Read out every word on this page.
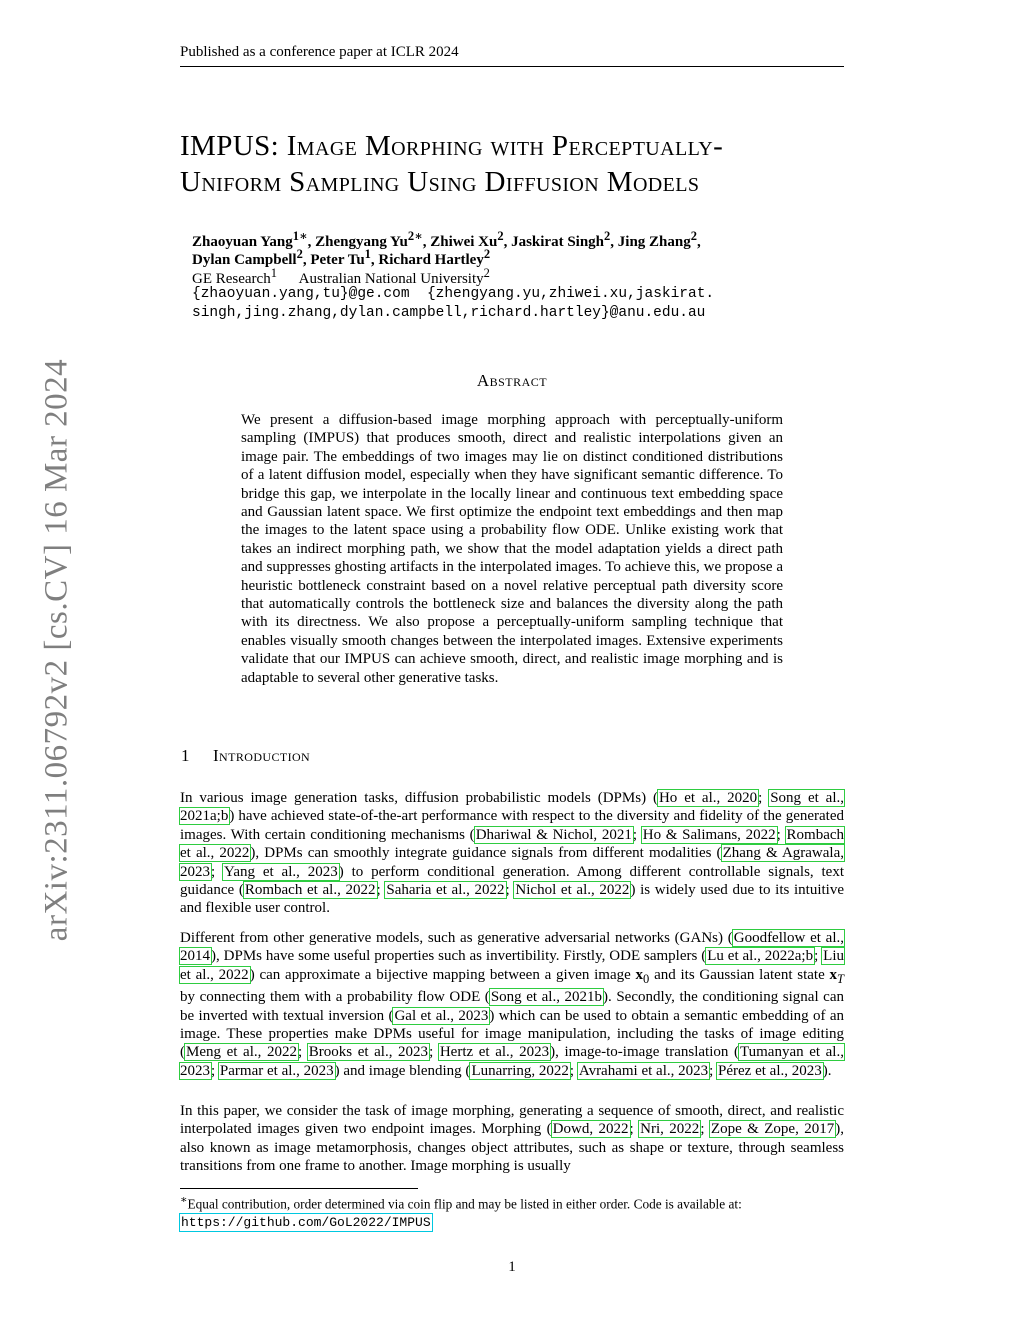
Published as a conference paper at ICLR 2024
IMPUS: Image Morphing with Perceptually-
Uniform Sampling Using Diffusion Models
Zhaoyuan Yang$^{1∗}$, Zhengyang $Yu^{2∗}$, Zhiwei Xu$^2$, Jaskirat Singh$^2$, Jing Zhang$^2$,
Dylan Campbell$^2$, Peter Tu$^1$, Richard Hartley$^2$
GE Research$^1$ Australian National University$^2$
{zhaoyuan.yang,tu}@ge.com {zhengyang.yu,zhiwei.xu,jaskirat.
singh,jing.zhang,dylan.campbell,richard.hartley}@anu.edu.au
Abstract
We present a diffusion-based image morphing approach with perceptually-uniform sampling (IMPUS) that produces smooth, direct and realistic interpolations given an image pair. The embeddings of two images may lie on distinct conditioned distributions of a latent diffusion model, especially when they have significant semantic difference. To bridge this gap, we interpolate in the locally linear and continuous text embedding space and Gaussian latent space. We first optimize the endpoint text embeddings and then map the images to the latent space using a probability flow ODE. Unlike existing work that takes an indirect morphing path, we show that the model adaptation yields a direct path and suppresses ghosting artifacts in the interpolated images. To achieve this, we propose a heuristic bottleneck constraint based on a novel relative perceptual path diversity score that automatically controls the bottleneck size and balances the diversity along the path with its directness. We also propose a perceptually-uniform sampling technique that enables visually smooth changes between the interpolated images. Extensive experiments validate that our IMPUS can achieve smooth, direct, and realistic image morphing and is adaptable to several other generative tasks.
1 Introduction
In various image generation tasks, diffusion probabilistic models (DPMs) (Ho et al., 2020; Song et al., 2021a;b) have achieved state-of-the-art performance with respect to the diversity and fidelity of the generated images. With certain conditioning mechanisms (Dhariwal & Nichol, 2021; Ho & Salimans, 2022; Rombach et al., 2022), DPMs can smoothly integrate guidance signals from different modalities (Zhang & Agrawala, 2023; Yang et al., 2023) to perform conditional generation. Among different controllable signals, text guidance (Rombach et al., 2022; Saharia et al., 2022; Nichol et al., 2022) is widely used due to its intuitive and flexible user control.
Different from other generative models, such as generative adversarial networks (GANs) (Goodfellow et al., 2014), DPMs have some useful properties such as invertibility. Firstly, ODE samplers (Lu et al., 2022a;b; Liu et al., 2022) can approximate a bijective mapping between a given image $x_0$ and its Gaussian latent state $x_T$ by connecting them with a probability flow ODE (Song et al., 2021b). Secondly, the conditioning signal can be inverted with textual inversion (Gal et al., 2023) which can be used to obtain a semantic embedding of an image. These properties make DPMs useful for image manipulation, including the tasks of image editing (Meng et al., 2022; Brooks et al., 2023; Hertz et al., 2023), image-to-image translation (Tumanyan et al., 2023; Parmar et al., 2023) and image blending (Lunarring, 2022; Avrahami et al., 2023; Pérez et al., 2023).
In this paper, we consider the task of image morphing, generating a sequence of smooth, direct, and realistic interpolated images given two endpoint images. Morphing (Dowd, 2022; Nri, 2022; Zope & Zope, 2017), also known as image metamorphosis, changes object attributes, such as shape or texture, through seamless transitions from one frame to another. Image morphing is usually
∗Equal contribution, order determined via coin flip and may be listed in either order. Code is available at:
https://github.com/GoL2022/IMPUS
1
arXiv:2311.06792v2 [cs.CV] 16 Mar 2024
